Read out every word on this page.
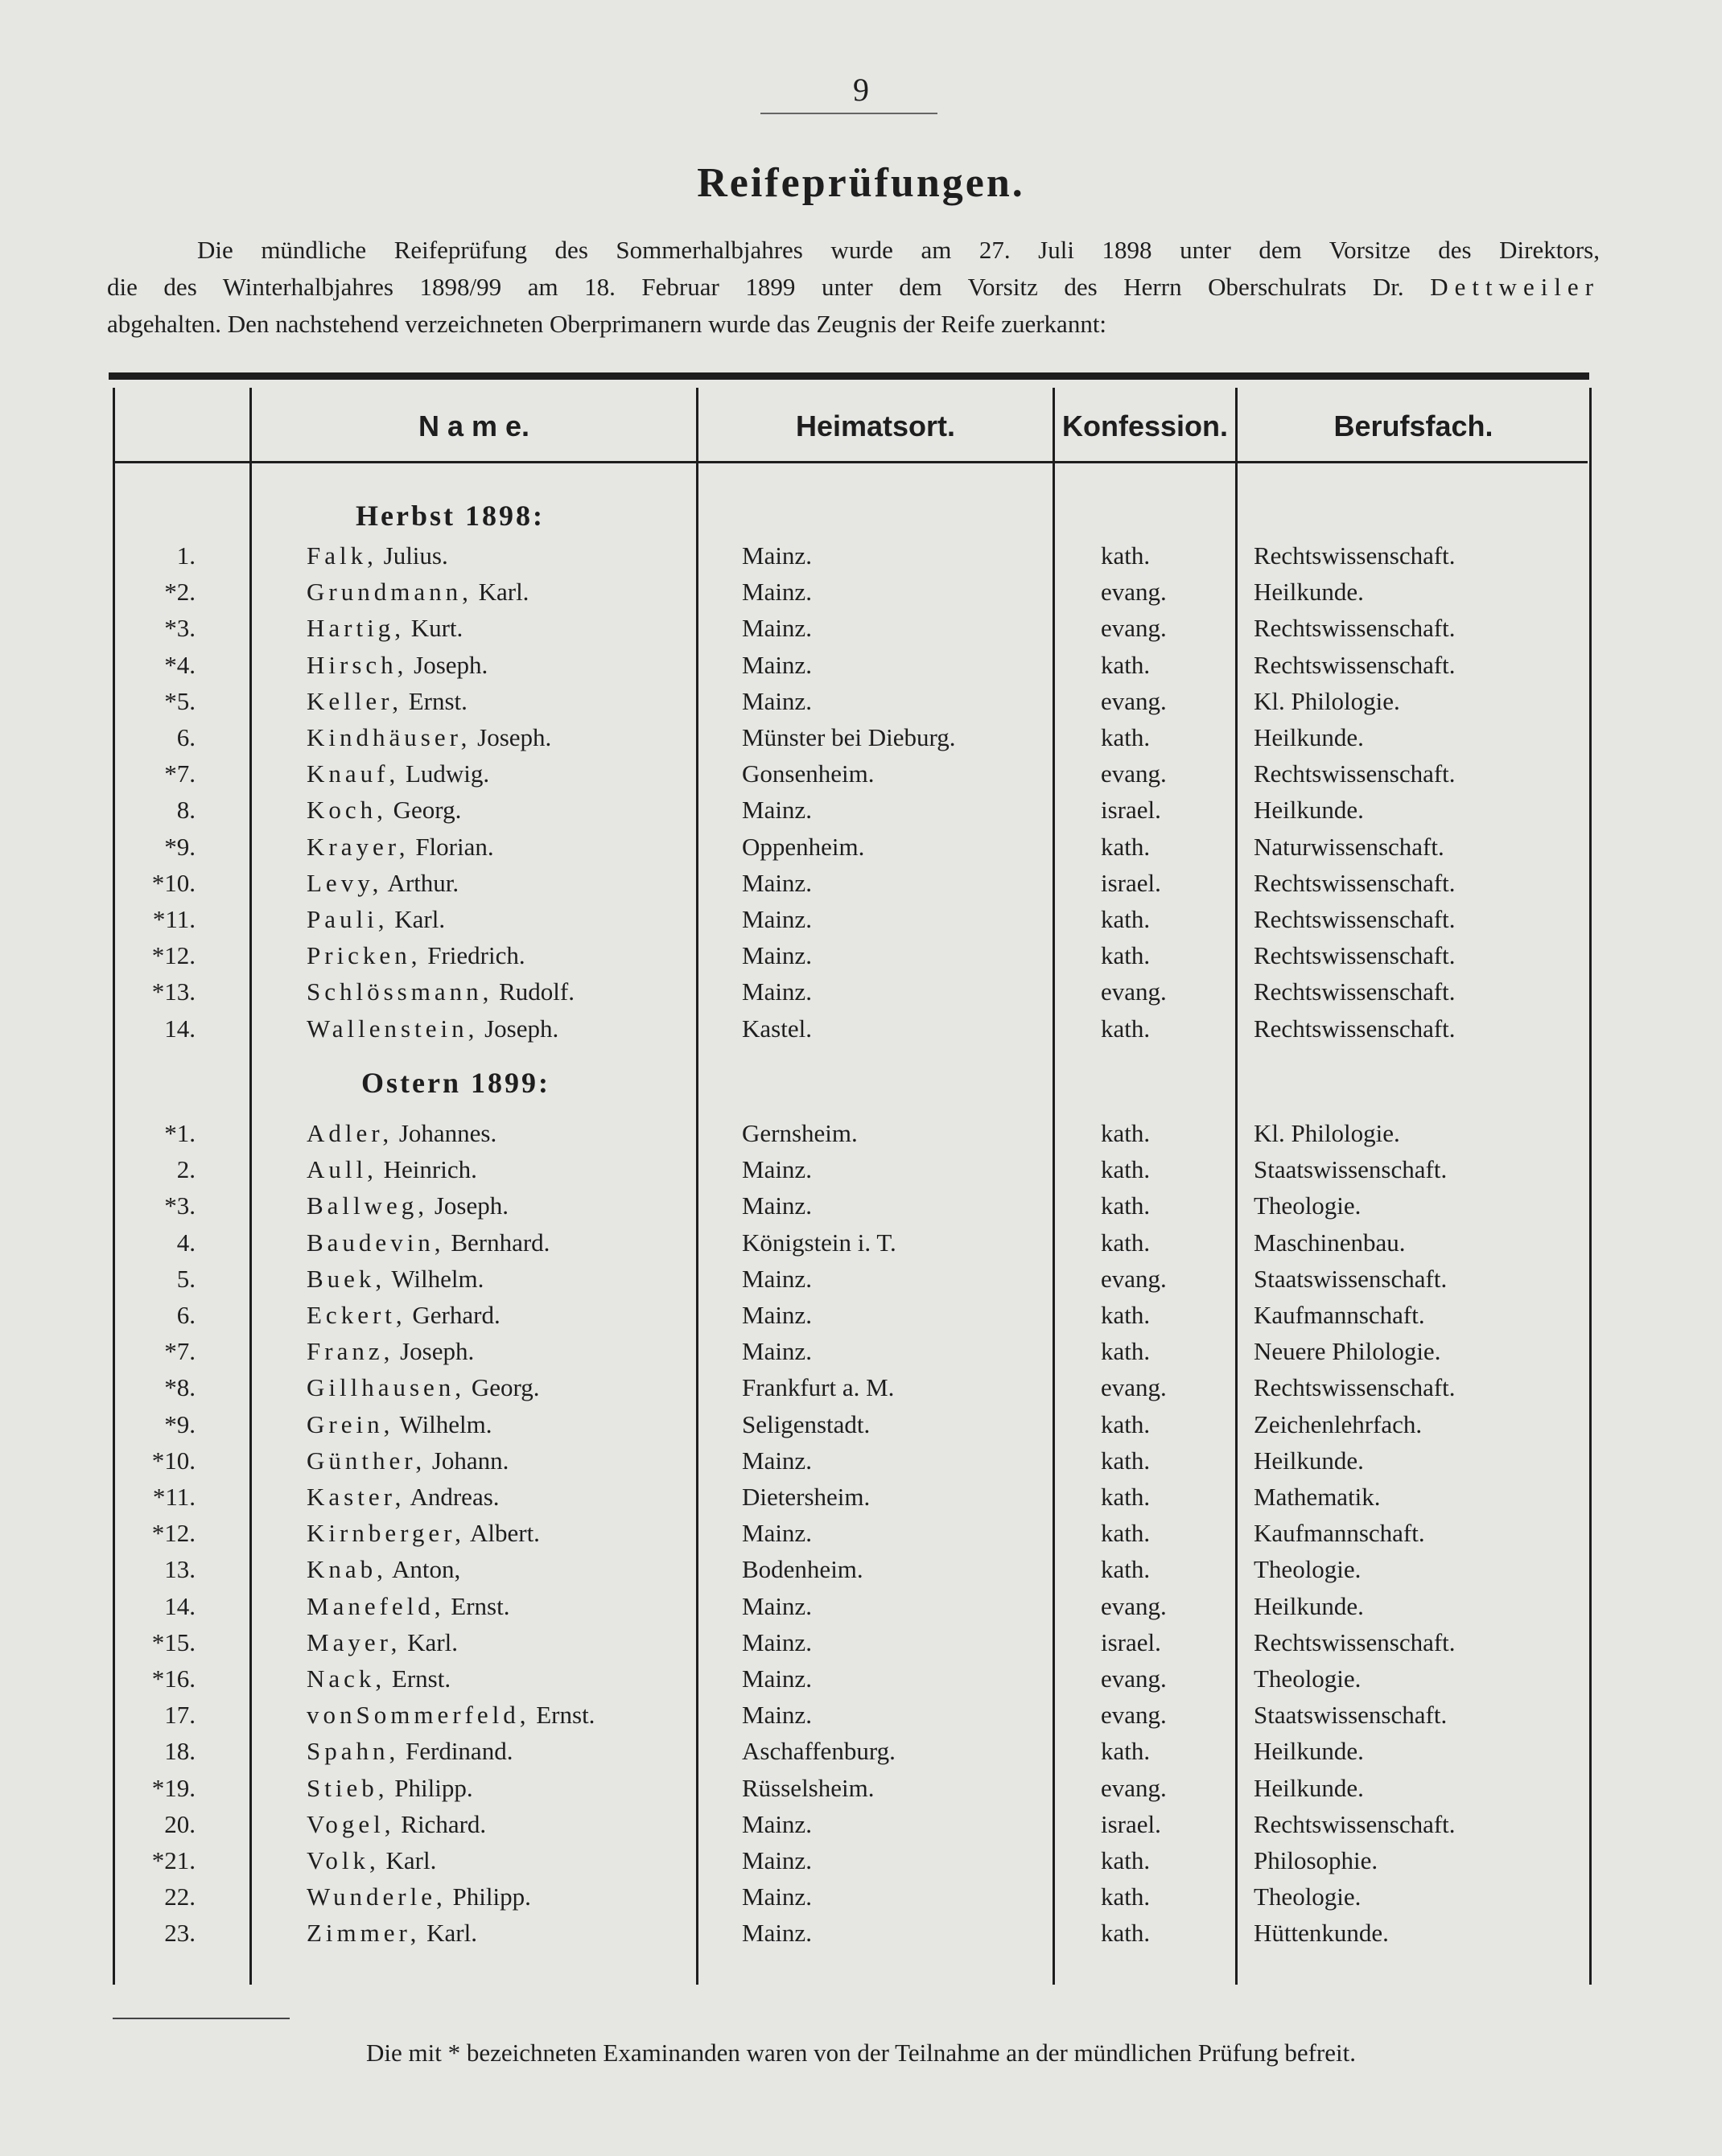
9
Reifeprüfungen.

Die mündliche Reifeprüfung des Sommerhalbjahres wurde am 27. Juli 1898 unter dem Vorsitze des Direktors,

die des Winterhalbjahres 1898/99 am 18. Februar 1899 unter dem Vorsitz des Herrn Oberschulrats Dr. Dettweiler

abgehalten. Den nachstehend verzeichneten Oberprimanern wurde das Zeugnis der Reife zuerkannt:

N a m e.	Heimatsort.	Konfession.	Berufsfach.
Herbst 1898:
Ostern 1899:
1.	Falk, Julius.	Mainz.	kath.	Rechtswissenschaft.
*2.	Grundmann, Karl.	Mainz.	evang.	Heilkunde.
*3.	Hartig, Kurt.	Mainz.	evang.	Rechtswissenschaft.
*4.	Hirsch, Joseph.	Mainz.	kath.	Rechtswissenschaft.
*5.	Keller, Ernst.	Mainz.	evang.	Kl. Philologie.
6.	Kindhäuser, Joseph.	Münster bei Dieburg.	kath.	Heilkunde.
*7.	Knauf, Ludwig.	Gonsenheim.	evang.	Rechtswissenschaft.
8.	Koch, Georg.	Mainz.	israel.	Heilkunde.
*9.	Krayer, Florian.	Oppenheim.	kath.	Naturwissenschaft.
*10.	Levy, Arthur.	Mainz.	israel.	Rechtswissenschaft.
*11.	Pauli, Karl.	Mainz.	kath.	Rechtswissenschaft.
*12.	Pricken, Friedrich.	Mainz.	kath.	Rechtswissenschaft.
*13.	Schlössmann, Rudolf.	Mainz.	evang.	Rechtswissenschaft.
14.	Wallenstein, Joseph.	Kastel.	kath.	Rechtswissenschaft.
*1.	Adler, Johannes.	Gernsheim.	kath.	Kl. Philologie.
2.	Aull, Heinrich.	Mainz.	kath.	Staatswissenschaft.
*3.	Ballweg, Joseph.	Mainz.	kath.	Theologie.
4.	Baudevin, Bernhard.	Königstein i. T.	kath.	Maschinenbau.
5.	Buek, Wilhelm.	Mainz.	evang.	Staatswissenschaft.
6.	Eckert, Gerhard.	Mainz.	kath.	Kaufmannschaft.
*7.	Franz, Joseph.	Mainz.	kath.	Neuere Philologie.
*8.	Gillhausen, Georg.	Frankfurt a. M.	evang.	Rechtswissenschaft.
*9.	Grein, Wilhelm.	Seligenstadt.	kath.	Zeichenlehrfach.
*10.	Günther, Johann.	Mainz.	kath.	Heilkunde.
*11.	Kaster, Andreas.	Dietersheim.	kath.	Mathematik.
*12.	Kirnberger, Albert.	Mainz.	kath.	Kaufmannschaft.
13.	Knab, Anton,	Bodenheim.	kath.	Theologie.
14.	Manefeld, Ernst.	Mainz.	evang.	Heilkunde.
*15.	Mayer, Karl.	Mainz.	israel.	Rechtswissenschaft.
*16.	Nack, Ernst.	Mainz.	evang.	Theologie.
17.	vonSommerfeld, Ernst.	Mainz.	evang.	Staatswissenschaft.
18.	Spahn, Ferdinand.	Aschaffenburg.	kath.	Heilkunde.
*19.	Stieb, Philipp.	Rüsselsheim.	evang.	Heilkunde.
20.	Vogel, Richard.	Mainz.	israel.	Rechtswissenschaft.
*21.	Volk, Karl.	Mainz.	kath.	Philosophie.
22.	Wunderle, Philipp.	Mainz.	kath.	Theologie.
23.	Zimmer, Karl.	Mainz.	kath.	Hüttenkunde.
Die mit * bezeichneten Examinanden waren von der Teilnahme an der mündlichen Prüfung befreit.
